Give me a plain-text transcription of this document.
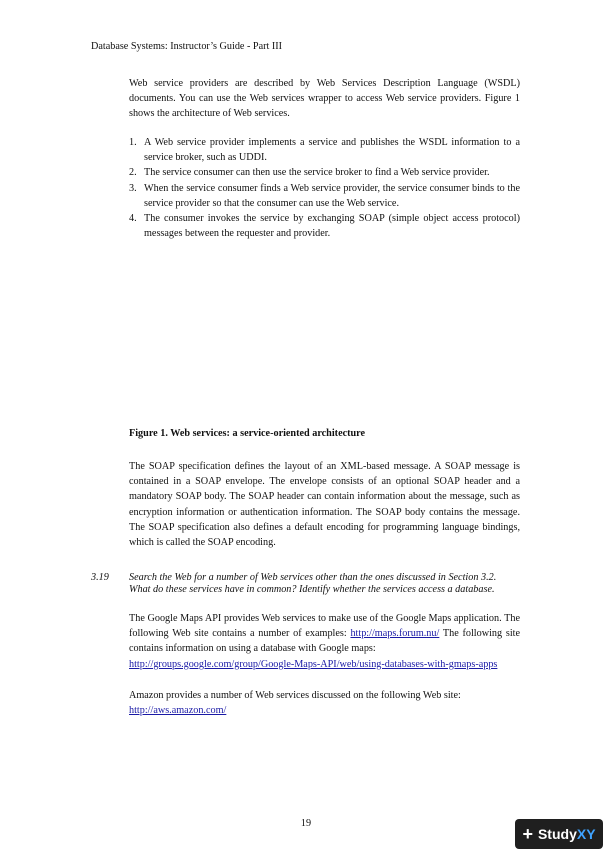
Database Systems: Instructor’s Guide - Part III
Web service providers are described by Web Services Description Language (WSDL) documents. You can use the Web services wrapper to access Web service providers. Figure 1 shows the architecture of Web services.
1. A Web service provider implements a service and publishes the WSDL information to a service broker, such as UDDI.
2. The service consumer can then use the service broker to find a Web service provider.
3. When the service consumer finds a Web service provider, the service consumer binds to the service provider so that the consumer can use the Web service.
4. The consumer invokes the service by exchanging SOAP (simple object access protocol) messages between the requester and provider.
Figure 1. Web services: a service-oriented architecture
The SOAP specification defines the layout of an XML-based message. A SOAP message is contained in a SOAP envelope. The envelope consists of an optional SOAP header and a mandatory SOAP body. The SOAP header can contain information about the message, such as encryption information or authentication information. The SOAP body contains the message. The SOAP specification also defines a default encoding for programming language bindings, which is called the SOAP encoding.
3.19 Search the Web for a number of Web services other than the ones discussed in Section 3.2. What do these services have in common? Identify whether the services access a database.
The Google Maps API provides Web services to make use of the Google Maps application. The following Web site contains a number of examples: http://maps.forum.nu/ The following site contains information on using a database with Google maps:
http://groups.google.com/group/Google-Maps-API/web/using-databases-with-gmaps-apps
Amazon provides a number of Web services discussed on the following Web site:
http://aws.amazon.com/
19
+ StudyXY
